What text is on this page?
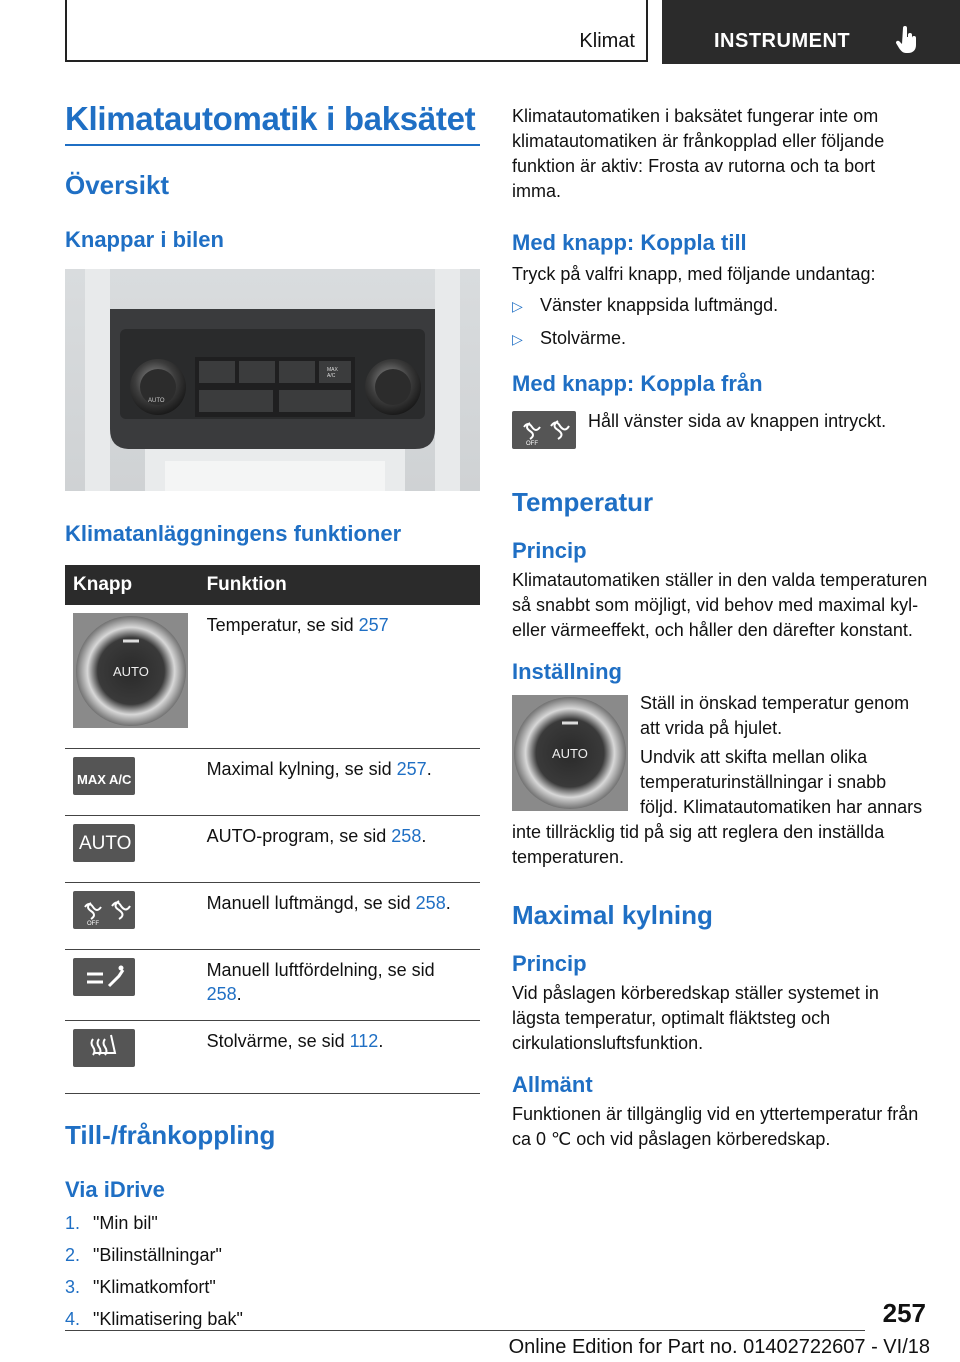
Klimat	INSTRUMENT
Klimatautomatik i baksätet
Översikt
Knappar i bilen
AUTO
MAX
A/C
Klimatanläggningens funktioner
Knapp	Funktion

AUTO	Temperatur, se sid 257

MAX A/C	Maximal kylning, se sid 257.

AUTO	AUTO-program, se sid 258.

OFF	Manuell luftmängd, se sid 258.
	Manuell luftfördelning, se sid 258.
	Stolvärme, se sid 112.
Till-/frånkoppling
Via iDrive
1. "Min bil"
2. "Bilinställningar"
3. "Klimatkomfort"
4. "Klimatisering bak"

Klimatautomatiken i baksätet fungerar inte om klimatautomatiken är frånkopplad eller följande funktion är aktiv: Frosta av rutorna och ta bort imma.

Med knapp: Koppla till

Tryck på valfri knapp, med följande undantag:

▷ Vänster knappsida luftmängd.
▷ Stolvärme.
Med knapp: Koppla från
OFF

Håll vänster sida av knappen intryckt.

Temperatur
Princip

Klimatautomatiken ställer in den valda temperaturen så snabbt som möjligt, vid behov med maximal kyl- eller värmeeffekt, och håller den därefter konstant.

Inställning
AUTO

Ställ in önskad temperatur genom att vrida på hjulet.

Undvik att skifta mellan olika temperaturinställningar i snabb följd. Klimatautomatiken har annars inte tillräcklig tid på sig att reglera den inställda temperaturen.

Maximal kylning
Princip

Vid påslagen körberedskap ställer systemet in lägsta temperatur, optimalt fläktsteg och cirkulationsluftsfunktion.

Allmänt

Funktionen är tillgänglig vid en yttertemperatur från ca 0 ℃ och vid påslagen körberedskap.

257
Online Edition for Part no. 01402722607 - VI/18
